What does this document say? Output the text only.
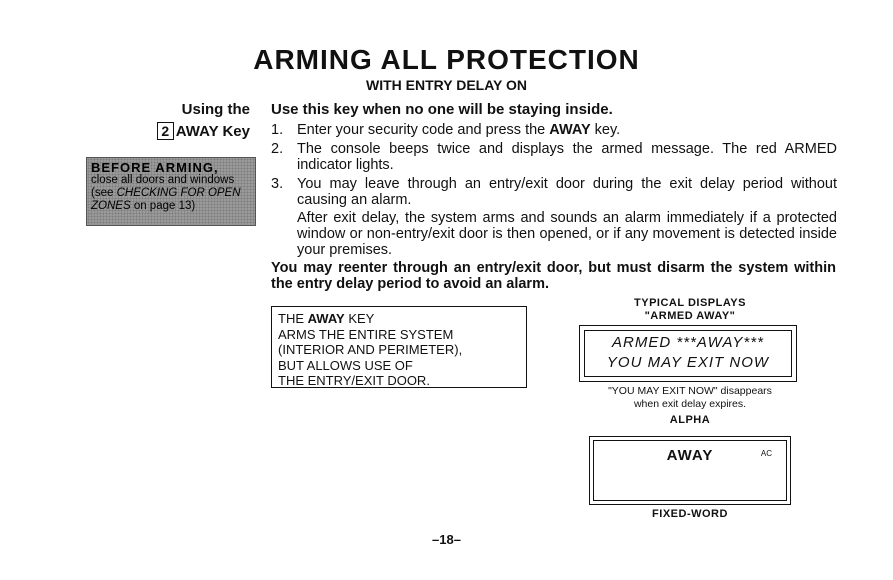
ARMING ALL PROTECTION
WITH ENTRY DELAY ON
Using the
2 AWAY Key
BEFORE ARMING,
close all doors and windows
(see CHECKING FOR OPEN
ZONES on page 13)
Use this key when no one will be staying inside.
1. Enter your security code and press the AWAY key.
2. The console beeps twice and displays the armed message. The red ARMED indicator lights.
3. You may leave through an entry/exit door during the exit delay period without causing an alarm.
After exit delay, the system arms and sounds an alarm immediately if a protected window or non-entry/exit door is then opened, or if any movement is detected inside your premises.
You may reenter through an entry/exit door, but must disarm the system within the entry delay period to avoid an alarm.
THE AWAY KEY
ARMS THE ENTIRE SYSTEM
(INTERIOR AND PERIMETER),
BUT ALLOWS USE OF
THE ENTRY/EXIT DOOR.
TYPICAL DISPLAYS
"ARMED AWAY"
ARMED ***AWAY***
YOU MAY EXIT NOW
"YOU MAY EXIT NOW" disappears
when exit delay expires.
ALPHA
AWAY	AC
FIXED-WORD
–18–
